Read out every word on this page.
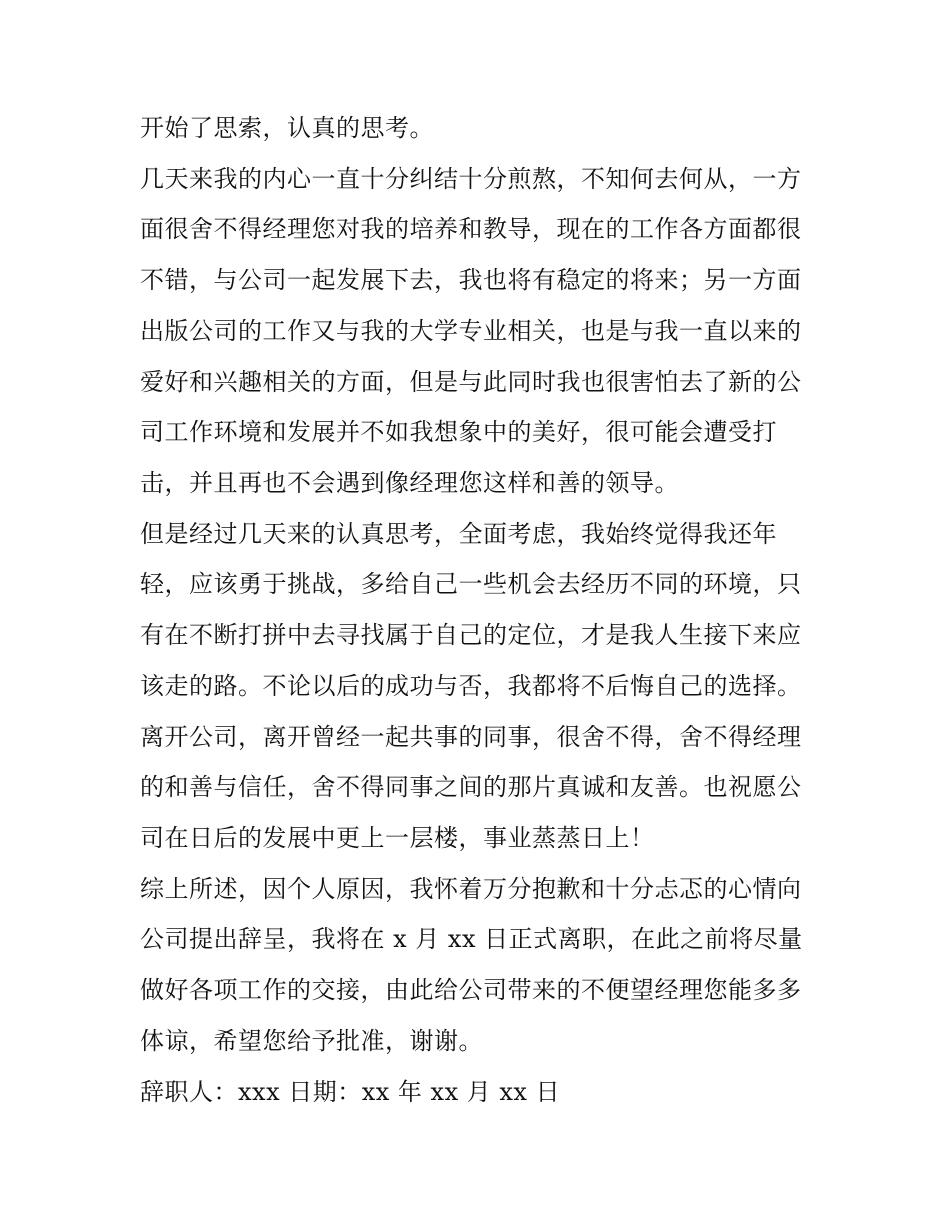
开始了思索，认真的思考。
几天来我的内心一直十分纠结十分煎熬，不知何去何从，一方
面很舍不得经理您对我的培养和教导，现在的工作各方面都很
不错，与公司一起发展下去，我也将有稳定的将来；另一方面
出版公司的工作又与我的大学专业相关，也是与我一直以来的
爱好和兴趣相关的方面，但是与此同时我也很害怕去了新的公
司工作环境和发展并不如我想象中的美好，很可能会遭受打
击，并且再也不会遇到像经理您这样和善的领导。
但是经过几天来的认真思考，全面考虑，我始终觉得我还年
轻，应该勇于挑战，多给自己一些机会去经历不同的环境，只
有在不断打拼中去寻找属于自己的定位，才是我人生接下来应
该走的路。不论以后的成功与否，我都将不后悔自己的选择。
离开公司，离开曾经一起共事的同事，很舍不得，舍不得经理
的和善与信任，舍不得同事之间的那片真诚和友善。也祝愿公
司在日后的发展中更上一层楼，事业蒸蒸日上！
综上所述，因个人原因，我怀着万分抱歉和十分忐忑的心情向
公司提出辞呈，我将在 x 月 xx 日正式离职，在此之前将尽量
做好各项工作的交接，由此给公司带来的不便望经理您能多多
体谅，希望您给予批准，谢谢。
辞职人：xxx 日期：xx 年 xx 月 xx 日
